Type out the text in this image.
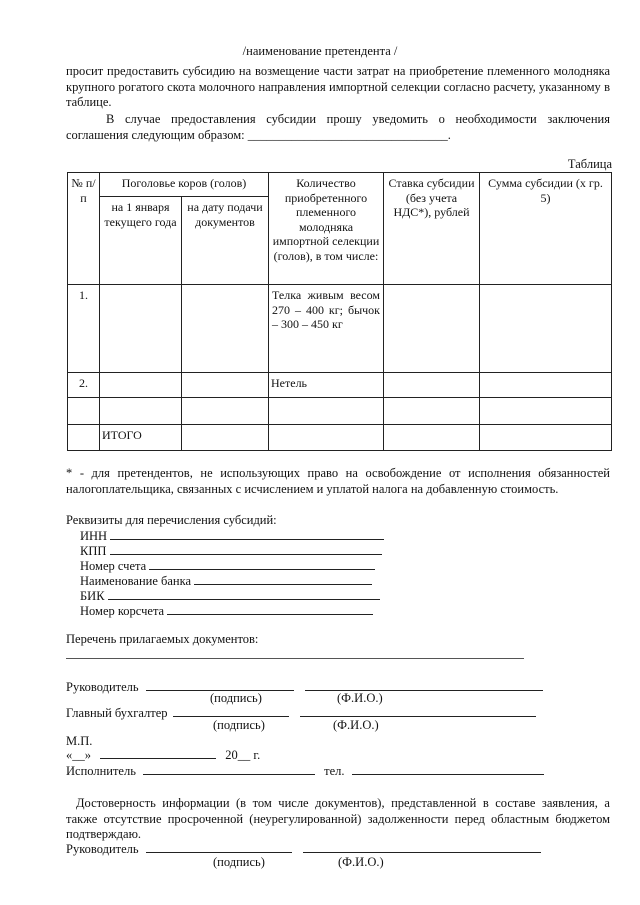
/наименование претендента /
просит предоставить субсидию на возмещение части затрат на приобретение племенного молодняка крупного рогатого скота молочного направления импортной селекции согласно расчету, указанному в таблице.
В случае предоставления субсидии прошу уведомить о необходимости заключения соглашения следующим образом: ________________________________.
Таблица
№ п/п	Поголовье коров (голов)		Количество приобретенного племенного молодняка импортной селекции (голов), в том числе:	Ставка субсидии (без учета НДС*), рублей	Сумма субсидии (х гр. 5)
	на 1 января текущего года	на дату подачи документов			
1.			Телка живым весом 270 – 400 кг; бычок – 300 – 450 кг		
2.			Нетель		

	ИТОГО				
* - для претендентов, не использующих право на освобождение от исполнения обязанностей налогоплательщика, связанных с исчислением и уплатой налога на добавленную стоимость.
Реквизиты для перечисления субсидий:
ИНН
КПП
Номер счета
Наименование банка
БИК
Номер корсчета
Перечень прилагаемых документов:
Руководитель
(подпись)	(Ф.И.О.)
Главный бухгалтер
(подпись)	(Ф.И.О.)
М.П.
«__»	20__ г.
Исполнитель	тел.
Достоверность информации (в том числе документов), представленной в составе заявления, а также отсутствие просроченной (неурегулированной) задолженности перед областным бюджетом подтверждаю.
Руководитель
(подпись)	(Ф.И.О.)
